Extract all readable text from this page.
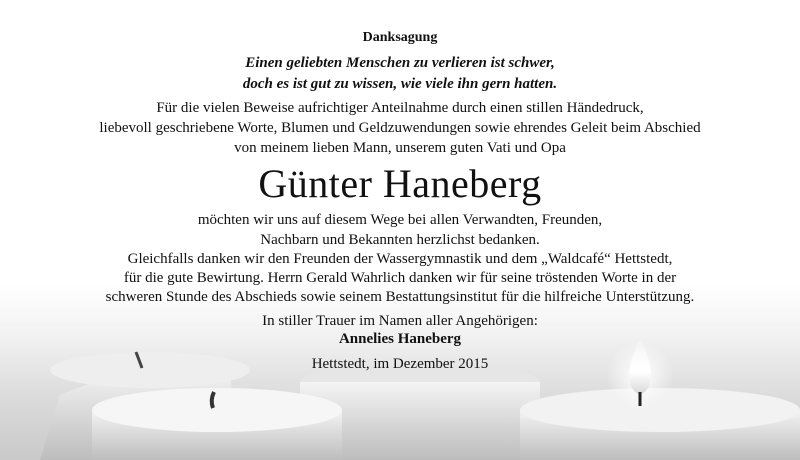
Danksagung
Einen geliebten Menschen zu verlieren ist schwer,
doch es ist gut zu wissen, wie viele ihn gern hatten.
Für die vielen Beweise aufrichtiger Anteilnahme durch einen stillen Händedruck,
liebevoll geschriebene Worte, Blumen und Geldzuwendungen sowie ehrendes Geleit beim Abschied
von meinem lieben Mann, unserem guten Vati und Opa
Günter Haneberg
möchten wir uns auf diesem Wege bei allen Verwandten, Freunden,
Nachbarn und Bekannten herzlichst bedanken.
Gleichfalls danken wir den Freunden der Wassergymnastik und dem „Waldcafé“ Hettstedt,
für die gute Bewirtung. Herrn Gerald Wahrlich danken wir für seine tröstenden Worte in der
schweren Stunde des Abschieds sowie seinem Bestattungsinstitut für die hilfreiche Unterstützung.
In stiller Trauer im Namen aller Angehörigen:
Annelies Haneberg
Hettstedt, im Dezember 2015
